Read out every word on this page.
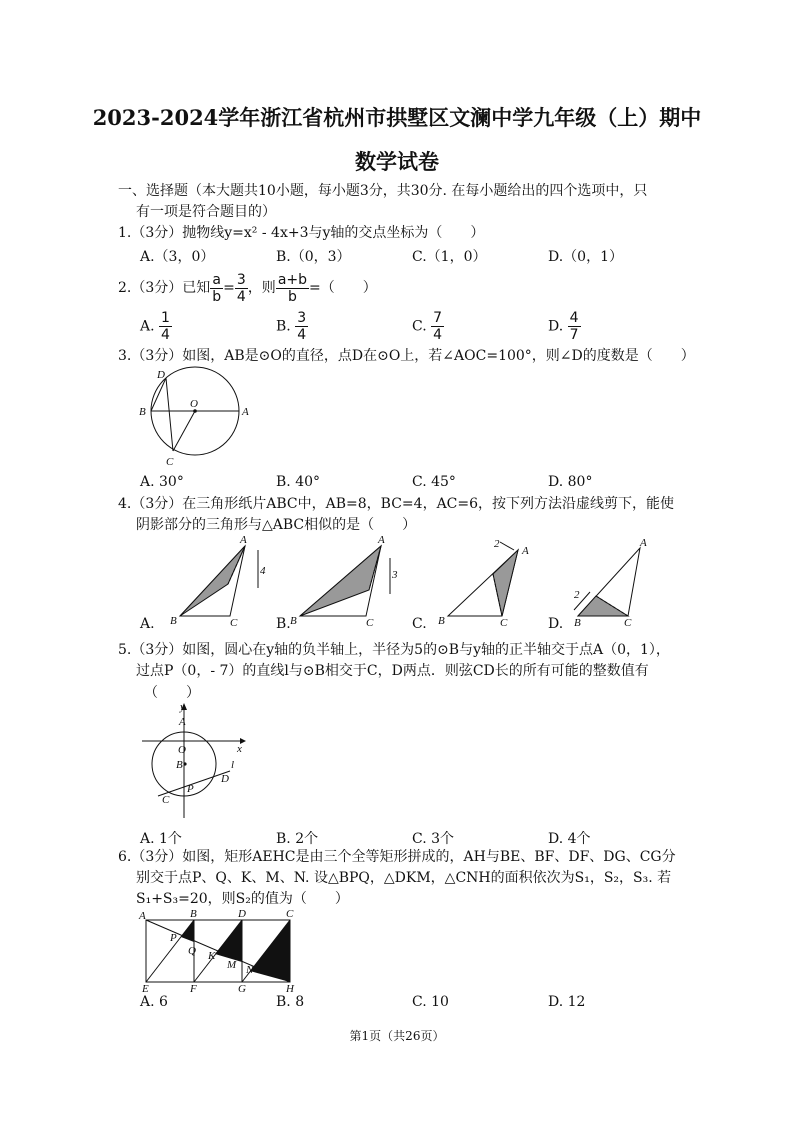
2023-2024学年浙江省杭州市拱墅区文澜中学九年级（上）期中
数学试卷
一、选择题（本大题共10小题，每小题3分，共30分. 在每小题给出的四个选项中，只
有一项是符合题目的）
1.（3分）抛物线y=x² - 4x+3与y轴的交点坐标为（　　）
A.（3，0）	B.（0，3）	C.（1，0）	D.（0，1）
2.（3分）已知 $\frac{a}{b} = \frac{3}{4}$ ，则 $\frac{a+b}{b}$ =（　　）
A. $\frac{1}{4}$	B. $\frac{3}{4}$	C. $\frac{7}{4}$	D. $\frac{4}{7}$
3.（3分）如图，AB是⊙O的直径，点D在⊙O上，若∠AOC=100°，则∠D的度数是（　　）
D
B
O
A
C
A. 30°	B. 40°	C. 45°	D. 80°
4.（3分）在三角形纸片ABC中，AB=8，BC=4，AC=6，按下列方法沿虚线剪下，能使
阴影部分的三角形与△ABC相似的是（　　）
4
A
B	C
A.
3
A
B	C
B.
2
A
B	C
C.
2
A
B	C
D.
5.（3分）如图，圆心在y轴的负半轴上，半径为5的⊙B与y轴的正半轴交于点A（0，1），
过点P（0，- 7）的直线l与⊙B相交于C，D两点．则弦CD长的所有可能的整数值有
（　　）
y
x
A
O
B	l
D
P
C
A. 1个	B. 2个	C. 3个	D. 4个
6.（3分）如图，矩形AEHC是由三个全等矩形拼成的，AH与BE、BF、DF、DG、CG分
别交于点P、Q、K、M、N. 设△BPQ，△DKM，△CNH的面积依次为S₁，S₂，S₃. 若
S₁+S₃=20，则S₂的值为（　　）
A	B	D	C
P
Q K
M N
E	F	G	H
A. 6	B. 8	C. 10	D. 12
第1页（共26页）
